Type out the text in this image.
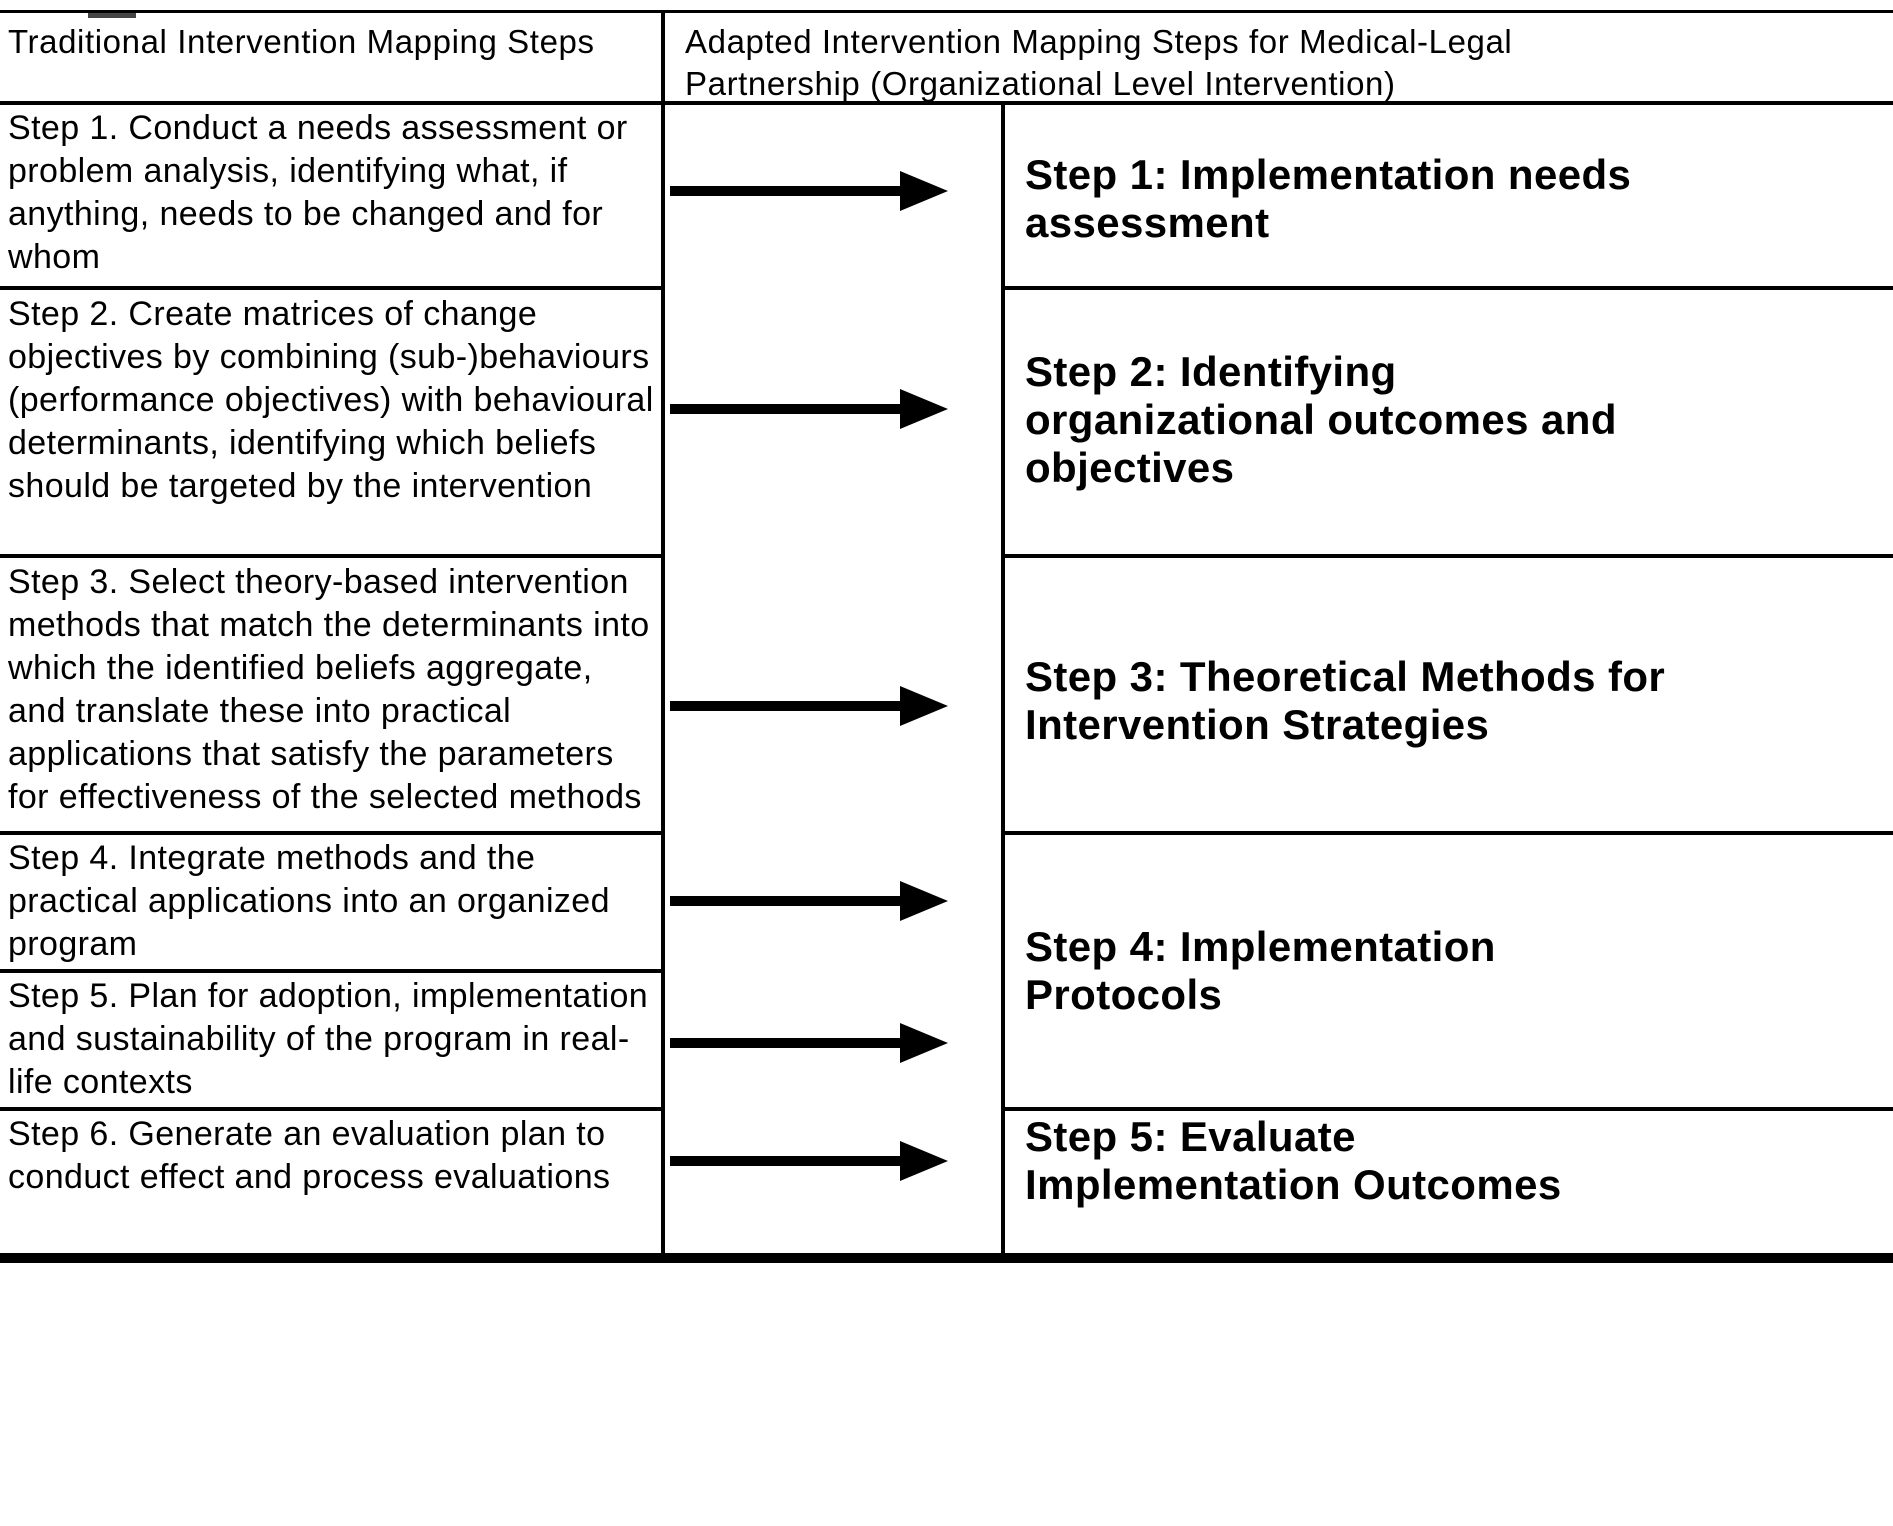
Traditional Intervention Mapping Steps	Adapted Intervention Mapping Steps for Medical-Legal Partnership (Organizational Level Intervention)
Step 1. Conduct a needs assessment or problem analysis, identifying what, if anything, needs to be changed and for whom
Step 2. Create matrices of change objectives by combining (sub-)behaviours (performance objectives) with behavioural determinants, identifying which beliefs should be targeted by the intervention
Step 3. Select theory-based intervention methods that match the determinants into which the identified beliefs aggregate, and translate these into practical applications that satisfy the parameters for effectiveness of the selected methods
Step 4. Integrate methods and the practical applications into an organized program
Step 5. Plan for adoption, implementation and sustainability of the program in real-life contexts
Step 6. Generate an evaluation plan to conduct effect and process evaluations
Step 1: Implementation needs assessment
Step 2: Identifying organizational outcomes and objectives
Step 3: Theoretical Methods for Intervention Strategies
Step 4: Implementation Protocols
Step 5: Evaluate Implementation Outcomes
